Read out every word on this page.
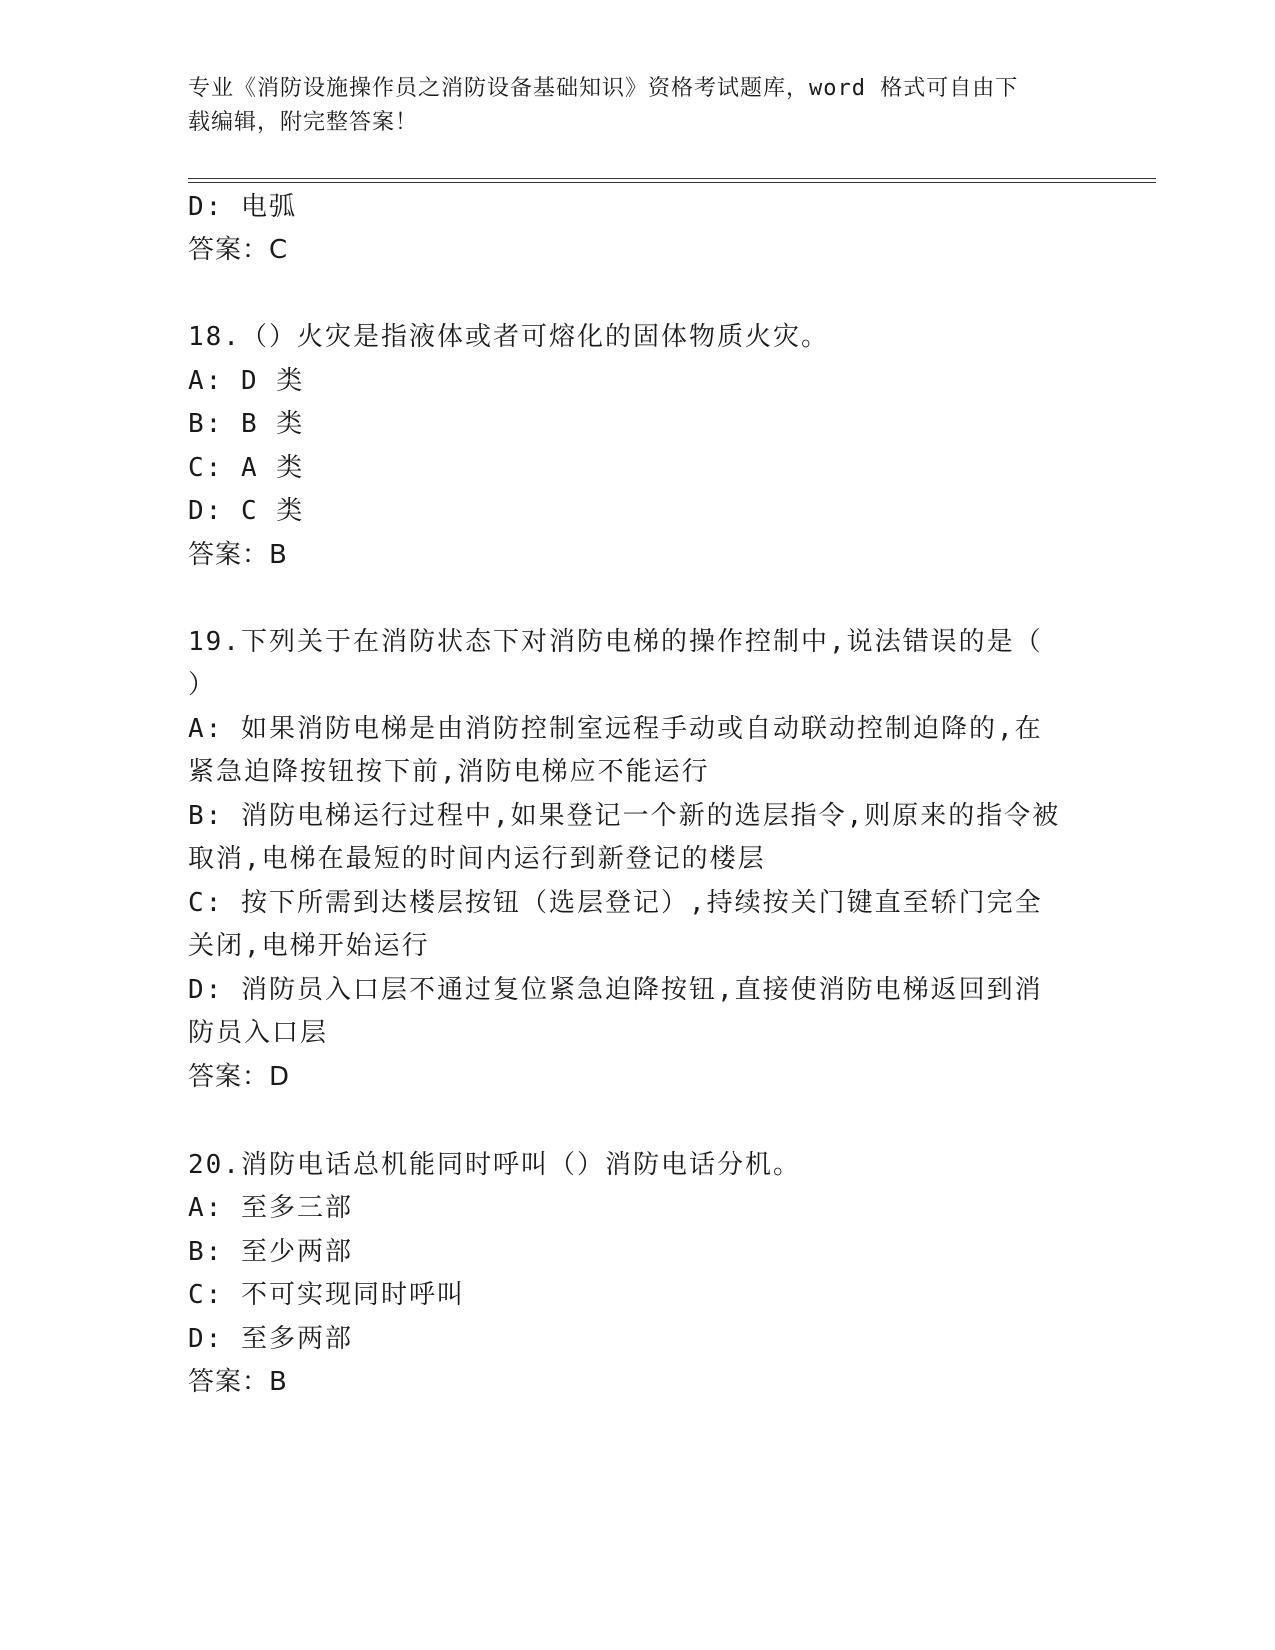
专业《消防设施操作员之消防设备基础知识》资格考试题库，word 格式可自由下
载编辑，附完整答案！
D: 电弧
答案：C
18.（）火灾是指液体或者可熔化的固体物质火灾。
A: D 类
B: B 类
C: A 类
D: C 类
答案：B
19.下列关于在消防状态下对消防电梯的操作控制中,说法错误的是（
）
A: 如果消防电梯是由消防控制室远程手动或自动联动控制迫降的,在
紧急迫降按钮按下前,消防电梯应不能运行
B: 消防电梯运行过程中,如果登记一个新的选层指令,则原来的指令被
取消,电梯在最短的时间内运行到新登记的楼层
C: 按下所需到达楼层按钮（选层登记）,持续按关门键直至轿门完全
关闭,电梯开始运行
D: 消防员入口层不通过复位紧急迫降按钮,直接使消防电梯返回到消
防员入口层
答案：D
20.消防电话总机能同时呼叫（）消防电话分机。
A: 至多三部
B: 至少两部
C: 不可实现同时呼叫
D: 至多两部
答案：B
